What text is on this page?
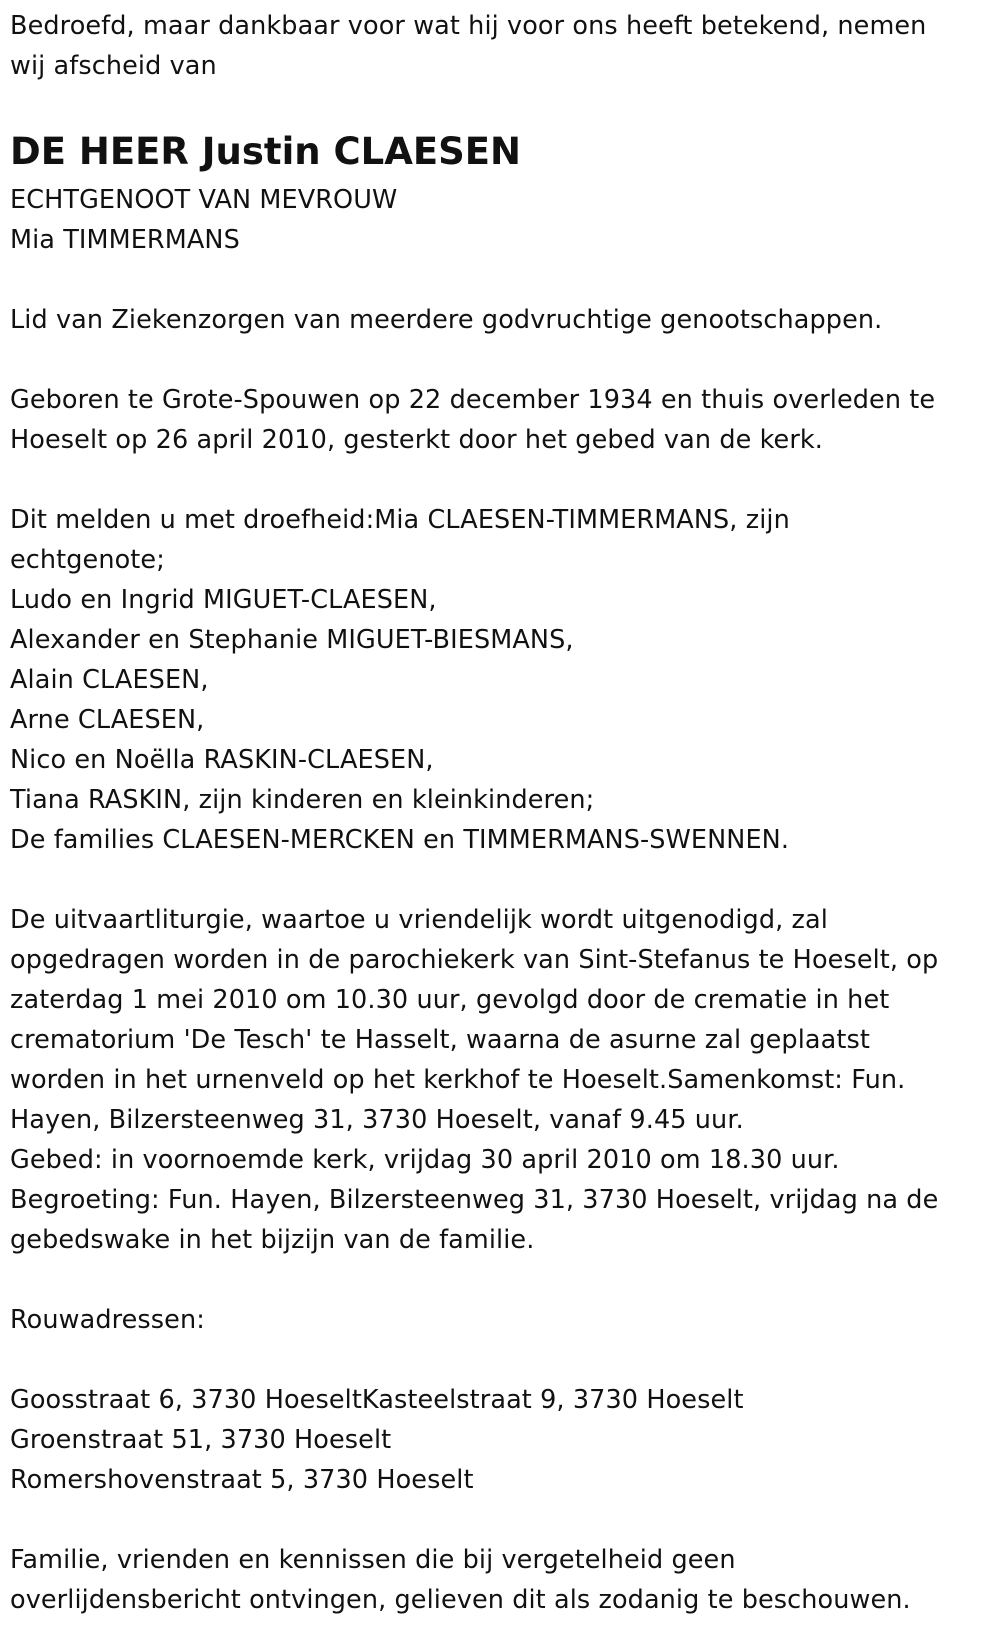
Bedroefd, maar dankbaar voor wat hij voor ons heeft betekend, nemen
wij afscheid van
DE HEER Justin CLAESEN
ECHTGENOOT VAN MEVROUW
Mia TIMMERMANS
Lid van Ziekenzorgen van meerdere godvruchtige genootschappen.
Geboren te Grote-Spouwen op 22 december 1934 en thuis overleden te
Hoeselt op 26 april 2010, gesterkt door het gebed van de kerk.
Dit melden u met droefheid:Mia CLAESEN-TIMMERMANS, zijn
echtgenote;
Ludo en Ingrid MIGUET-CLAESEN,
Alexander en Stephanie MIGUET-BIESMANS,
Alain CLAESEN,
Arne CLAESEN,
Nico en Noëlla RASKIN-CLAESEN,
Tiana RASKIN, zijn kinderen en kleinkinderen;
De families CLAESEN-MERCKEN en TIMMERMANS-SWENNEN.
De uitvaartliturgie, waartoe u vriendelijk wordt uitgenodigd, zal
opgedragen worden in de parochiekerk van Sint-Stefanus te Hoeselt, op
zaterdag 1 mei 2010 om 10.30 uur, gevolgd door de crematie in het
crematorium 'De Tesch' te Hasselt, waarna de asurne zal geplaatst
worden in het urnenveld op het kerkhof te Hoeselt.Samenkomst: Fun.
Hayen, Bilzersteenweg 31, 3730 Hoeselt, vanaf 9.45 uur.
Gebed: in voornoemde kerk, vrijdag 30 april 2010 om 18.30 uur.
Begroeting: Fun. Hayen, Bilzersteenweg 31, 3730 Hoeselt, vrijdag na de
gebedswake in het bijzijn van de familie.
Rouwadressen:
Goosstraat 6, 3730 HoeseltKasteelstraat 9, 3730 Hoeselt
Groenstraat 51, 3730 Hoeselt
Romershovenstraat 5, 3730 Hoeselt
Familie, vrienden en kennissen die bij vergetelheid geen
overlijdensbericht ontvingen, gelieven dit als zodanig te beschouwen.
